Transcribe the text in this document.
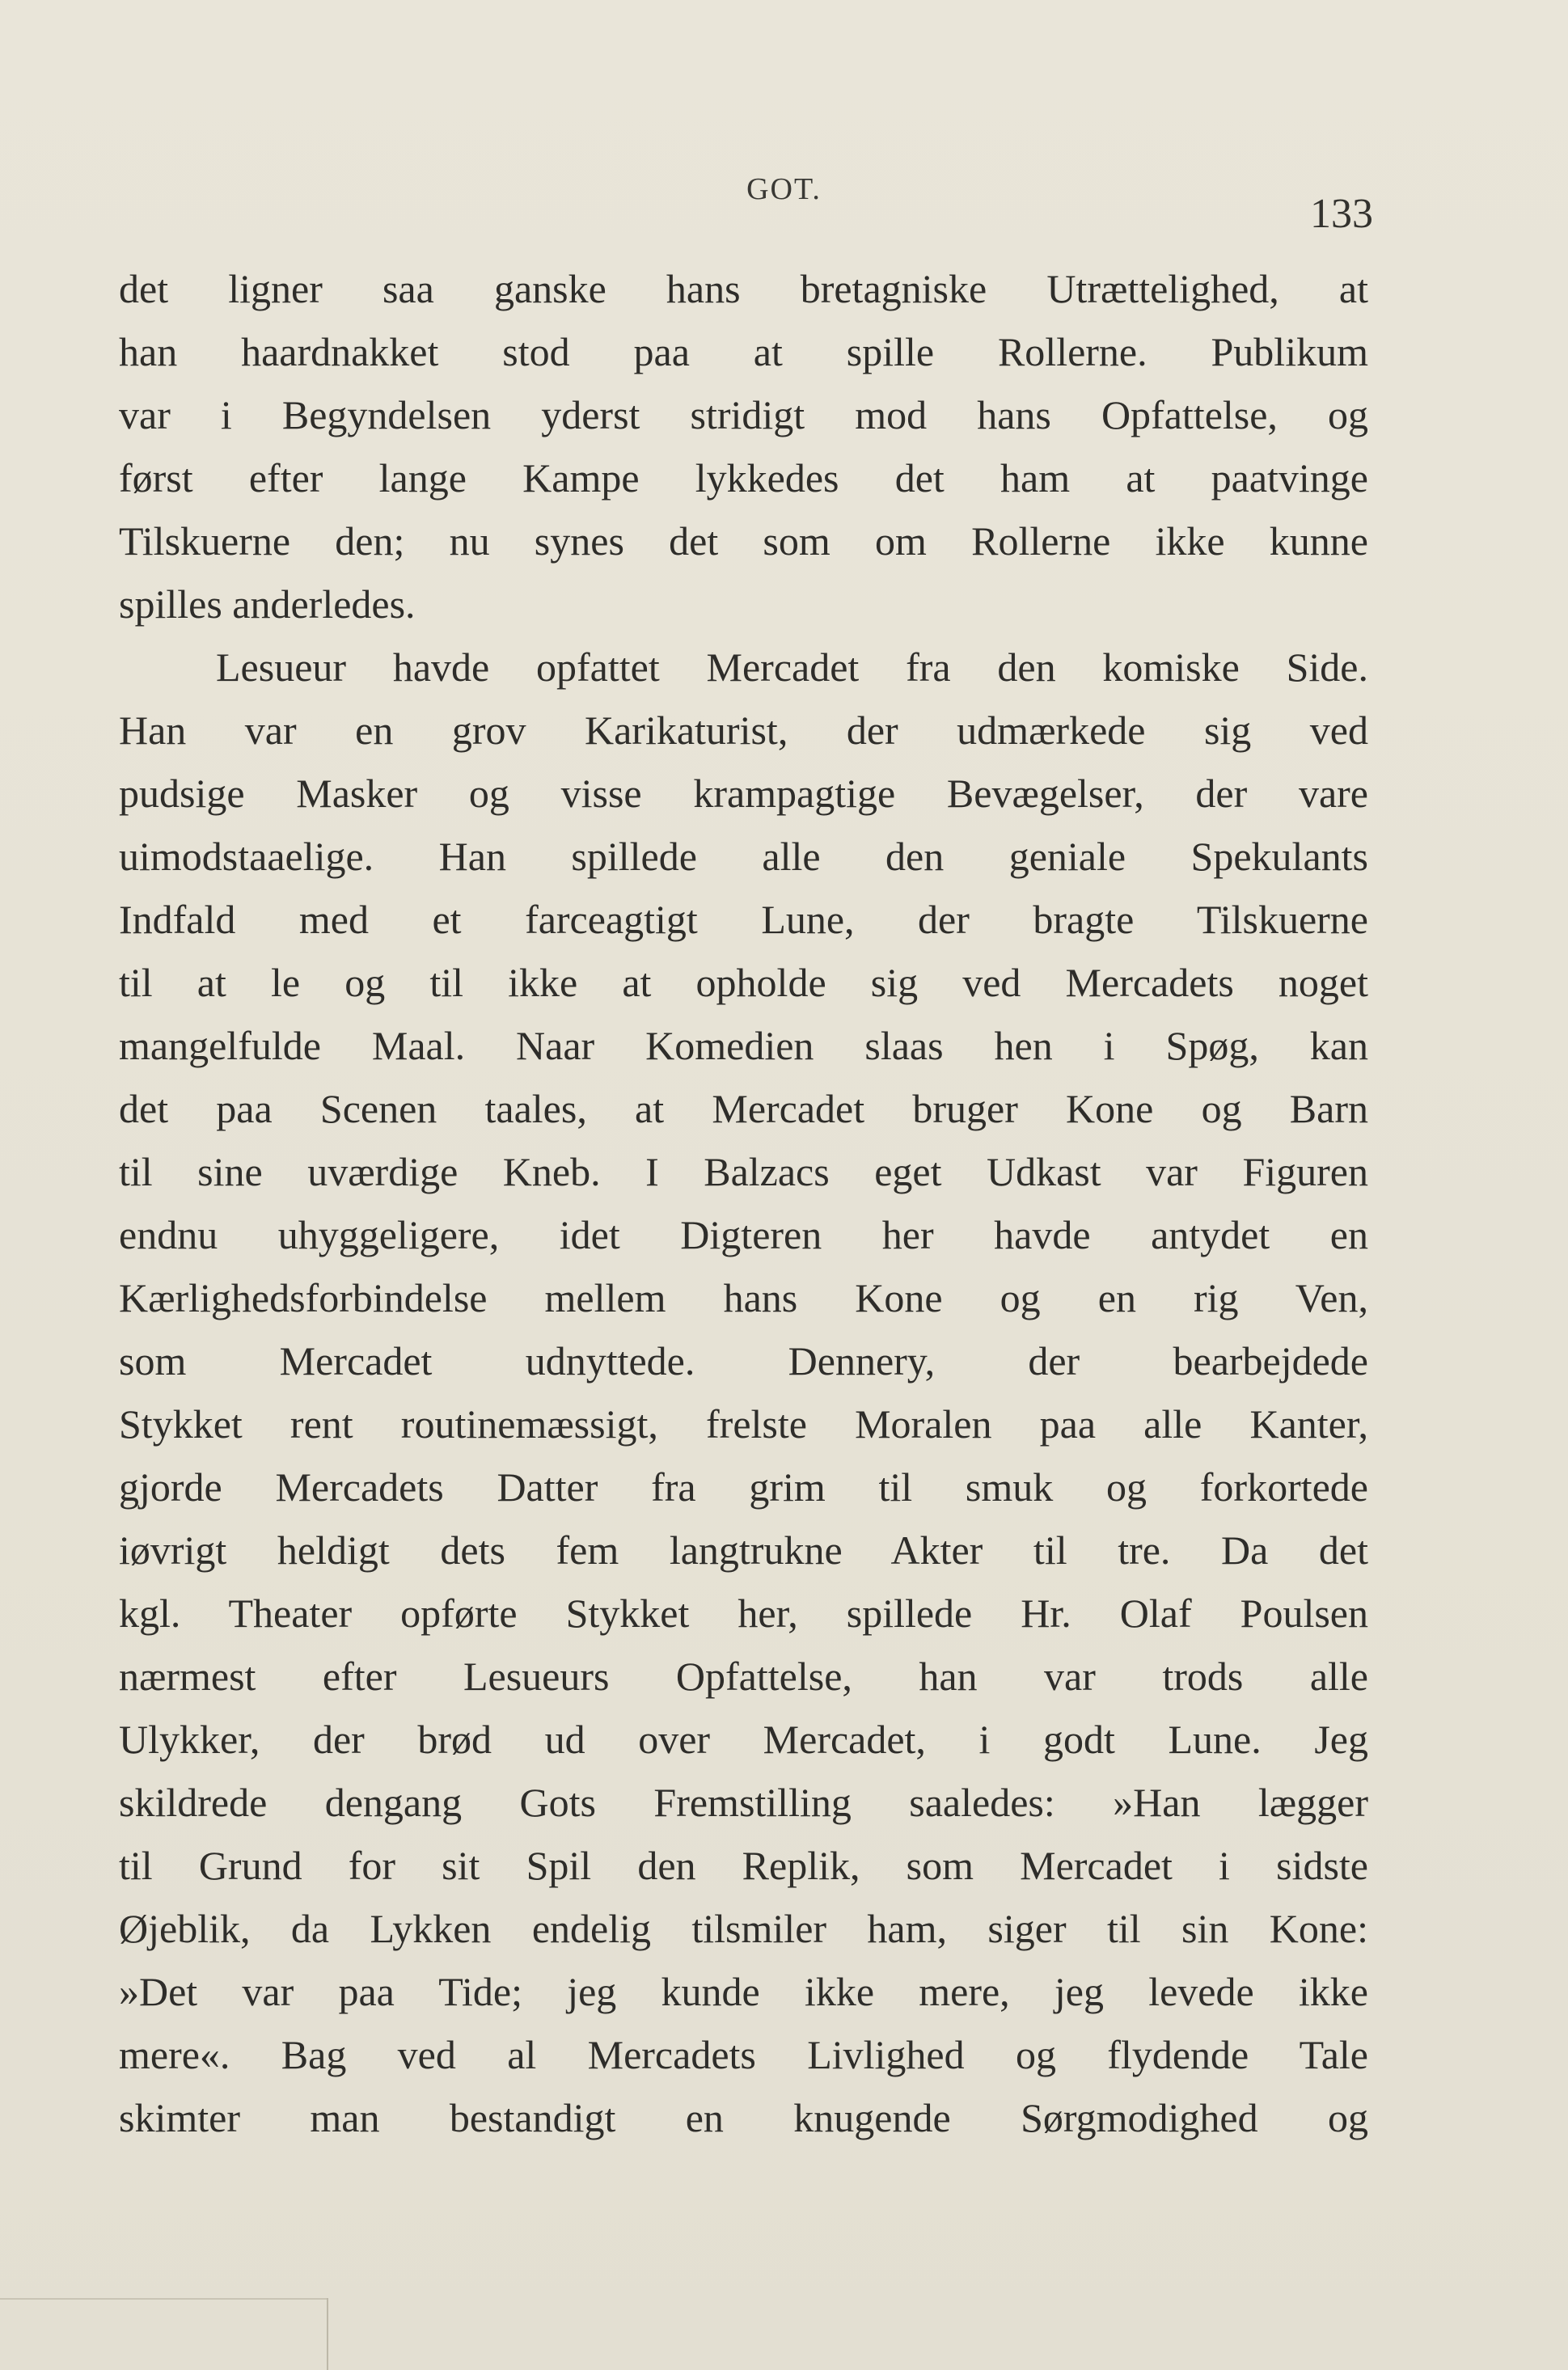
GOT.
133
det ligner saa ganske hans bretagniske Utrættelighed, at
han haardnakket stod paa at spille Rollerne. Publikum
var i Begyndelsen yderst stridigt mod hans Opfattelse, og
først efter lange Kampe lykkedes det ham at paatvinge
Tilskuerne den; nu synes det som om Rollerne ikke kunne
spilles anderledes.
Lesueur havde opfattet Mercadet fra den komiske Side.
Han var en grov Karikaturist, der udmærkede sig ved
pudsige Masker og visse krampagtige Bevægelser, der vare
uimodstaaelige. Han spillede alle den geniale Spekulants
Indfald med et farceagtigt Lune, der bragte Tilskuerne
til at le og til ikke at opholde sig ved Mercadets noget
mangelfulde Maal. Naar Komedien slaas hen i Spøg, kan
det paa Scenen taales, at Mercadet bruger Kone og Barn
til sine uværdige Kneb. I Balzacs eget Udkast var Figuren
endnu uhyggeligere, idet Digteren her havde antydet en
Kærlighedsforbindelse mellem hans Kone og en rig Ven,
som Mercadet udnyttede. Dennery, der bearbejdede
Stykket rent routinemæssigt, frelste Moralen paa alle Kanter,
gjorde Mercadets Datter fra grim til smuk og forkortede
iøvrigt heldigt dets fem langtrukne Akter til tre. Da det
kgl. Theater opførte Stykket her, spillede Hr. Olaf Poulsen
nærmest efter Lesueurs Opfattelse, han var trods alle
Ulykker, der brød ud over Mercadet, i godt Lune. Jeg
skildrede dengang Gots Fremstilling saaledes: »Han lægger
til Grund for sit Spil den Replik, som Mercadet i sidste
Øjeblik, da Lykken endelig tilsmiler ham, siger til sin Kone:
»Det var paa Tide; jeg kunde ikke mere, jeg levede ikke
mere«. Bag ved al Mercadets Livlighed og flydende Tale
skimter man bestandigt en knugende Sørgmodighed og
